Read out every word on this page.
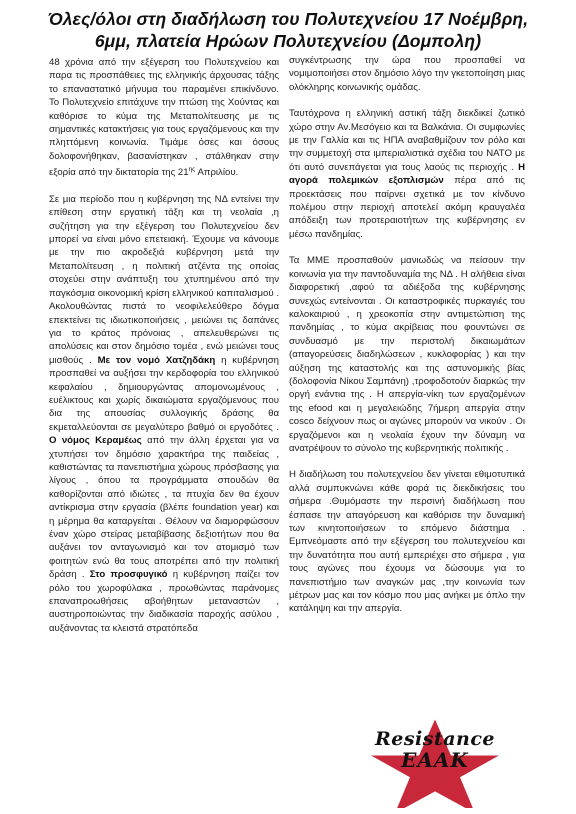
Όλες/όλοι στη διαδήλωση του Πολυτεχνείου 17 Νοέμβρη,
6μμ, πλατεία Ηρώων Πολυτεχνείου (Δομπολη)

48 χρόνια από την εξέγερση του Πολυτεχνείου και παρα τις προσπάθειες της ελληνικής άρχουσας τάξης το επαναστατικό μήνυμα του παραμένει επικίνδυνο. Το Πολυτεχνείο επιτάχυνε την πτώση της Χούντας και καθόρισε το κύμα της Μεταπολίτευσης με τις σημαντικές κατακτήσεις για τους εργαζόμενους και την πληττόμενη κοινωνία. Τιμάμε όσες και όσους δολοφονήθηκαν, βασανίστηκαν , στάλθηκαν στην εξορία από την δικτατορία της $21^{\eta\varsigma}$ Απριλίου.

Σε μια περίοδο που η κυβέρνηση της ΝΔ εντείνει την επίθεση στην εργατική τάξη και τη νεολαία ,η συζήτηση για την εξέγερση του Πολυτεχνείου δεν μπορεί να είναι μόνο επετειακή. Έχουμε να κάνουμε με την πιο ακροδεξιά κυβέρνηση μετά την Μεταπολίτευση , η πολιτική ατζέντα της οποίας στοχεύει στην ανάπτυξη του χτυπημένου από την παγκόσμια οικονομική κρίση ελληνικού καπιταλισμού . Ακολουθώντας πιστά το νεοφιλελεύθερο δόγμα επεκτείνει τις ιδιωτικοποιήσεις , μειώνει τις δαπάνες για το κράτος πρόνοιας , απελευθερώνει τις απολύσεις και στον δημόσιο τομέα , ενώ μειώνει τους μισθούς . Με τον νομό Χατζηδάκη η κυβέρνηση προσπαθεί να αυξήσει την κερδοφορία του ελληνικού κεφαλαίου , δημιουργώντας απομονωμένους , ευέλικτους και χωρίς δικαιώματα εργαζόμενους που δια της απουσίας συλλογικής δράσης θα εκμεταλλεύονται σε μεγαλύτερο βαθμό οι εργοδότες . Ο νόμος Κεραμέως από την άλλη έρχεται για να χτυπήσει τον δημόσιο χαρακτήρα της παιδείας , καθιστώντας τα πανεπιστήμια χώρους πρόσβασης για λίγους , όπου τα προγράμματα σπουδών θα καθορίζονται από ιδιώτες , τα πτυχία δεν θα έχουν αντίκρισμα στην εργασία (βλέπε foundation year) και η μέρημα θα καταργείται . Θέλουν να διαμορφώσουν έναν χώρο στείρας μεταβίβασης δεξιοτήτων που θα αυξάνει τον ανταγωνισμό και τον ατομισμό των φοιτητών ενώ θα τους αποτρέπει από την πολιτική δράση . Στο προσφυγικό η κυβέρνηση παίζει τον ρόλο του χωροφύλακα , προωθώντας παράνομες επαναπροωθήσεις αβοήθητων μεταναστών , αυστηροποιώντας την διαδικασία παροχής ασύλου , αυξάνοντας τα κλειστά στρατόπεδα

συγκέντρωσης την ώρα που προσπαθεί να νομιμοποιήσει στον δημόσιο λόγο την γκετοποίηση μιας ολόκληρης κοινωνικής ομάδας.

Ταυτόχρονα η ελληνική αστική τάξη διεκδικεί ζωτικό χώρο στην Αν.Μεσόγειο και τα Βαλκάνια. Οι συμφωνίες με την Γαλλία και τις ΗΠΑ αναβαθμίζουν τον ρόλο και την συμμετοχή στα ιμπεριαλιστικά σχέδια του ΝΑΤΟ με ότι αυτό συνεπάγεται για τους λαούς τις περιοχής . Η αγορά πολεμικών εξοπλισμών πέρα από τις προεκτάσεις που παίρνει σχετικά με τον κίνδυνο πολέμου στην περιοχή αποτελεί ακόμη κραυγαλέα απόδειξη των προτεραιοτήτων της κυβέρνησης εν μέσω πανδημίας.

Τα ΜΜΕ προσπαθούν μανιωδώς να πείσουν την κοινωνία για την παντοδυναμία της ΝΔ . Η αλήθεια είναι διαφορετική ,αφού τα αδιέξοδα της κυβέρνησης συνεχώς εντείνονται . Οι καταστροφικές πυρκαγιές του καλοκαιριού , η χρεοκοπία στην αντιμετώπιση της πανδημίας , το κύμα ακρίβειας που φουντώνει σε συνδυασμό με την περιστολή δικαιωμάτων (απαγορεύσεις διαδηλώσεων , κυκλοφορίας ) και την αύξηση της καταστολής και της αστυνομικής βίας (δολοφονία Νίκου Σαμπάνη) ,τροφοδοτούν διαρκώς την οργή ενάντια της . Η απεργία-νίκη των εργαζομένων της efood και η μεγαλειώδης 7ήμερη απεργία στην cosco δείχνουν πως οι αγώνες μπορούν να νικούν . Οι εργαζόμενοι και η νεολαία έχουν την δύναμη να ανατρέψουν το σύνολο της κυβερνητικής πολιτικής .

Η διαδήλωση του πολυτεχνείου δεν γίνεται εθιμοτυπικά αλλά συμπυκνώνει κάθε φορά τις διεκδικήσεις του σήμερα .Θυμόμαστε την περσινή διαδήλωση που έσπασε την απαγόρευση και καθόρισε την δυναμική των κινητοποιήσεων το επόμενο διάστημα . Εμπνεόμαστε από την εξέγερση του πολυτεχνείου και την δυνατότητα που αυτή εμπεριέχει στο σήμερα , για τους αγώνες που έχουμε να δώσουμε για το πανεπιστήμιο των αναγκών μας ,την κοινωνία των μέτρων μας και τον κόσμο που μας ανήκει με όπλο την κατάληψη και την απεργία.

Resistance
EAAK
